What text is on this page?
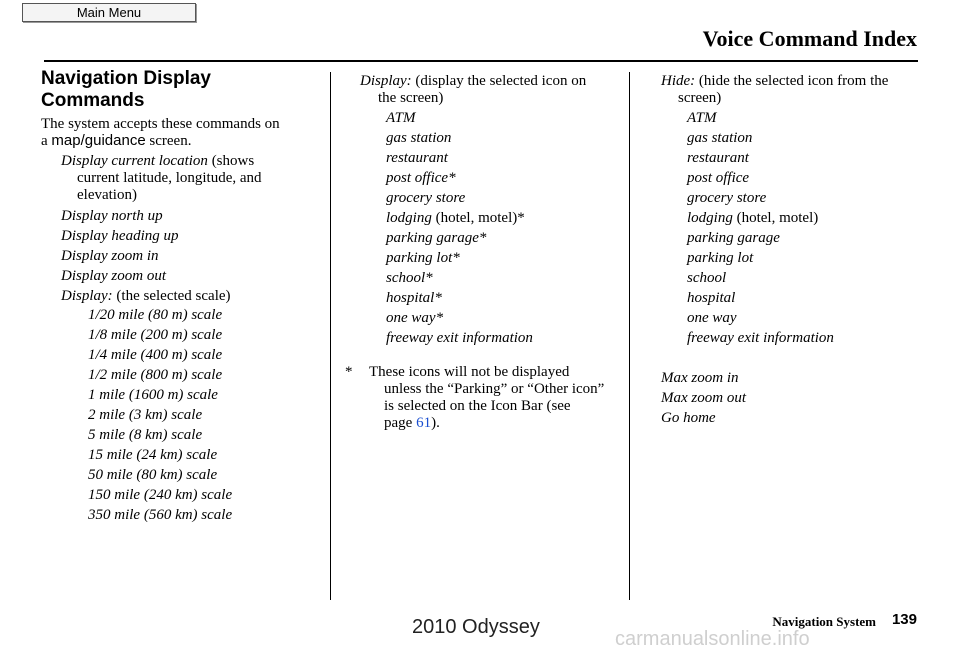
Main Menu
Voice Command Index
Navigation Display Commands
The system accepts these commands on
a map/guidance screen.
Display current location (shows
current latitude, longitude, and
elevation)
Display north up
Display heading up
Display zoom in
Display zoom out
Display: (the selected scale)
1/20 mile (80 m) scale
1/8 mile (200 m) scale
1/4 mile (400 m) scale
1/2 mile (800 m) scale
1 mile (1600 m) scale
2 mile (3 km) scale
5 mile (8 km) scale
15 mile (24 km) scale
50 mile (80 km) scale
150 mile (240 km) scale
350 mile (560 km) scale
Display: (display the selected icon on
the screen)
ATM
gas station
restaurant
post office*
grocery store
lodging (hotel, motel)*
parking garage*
parking lot*
school*
hospital*
one way*
freeway exit information
* These icons will not be displayed
unless the “Parking” or “Other icon”
is selected on the Icon Bar (see
page 61).
Hide: (hide the selected icon from the
screen)
ATM
gas station
restaurant
post office
grocery store
lodging (hotel, motel)
parking garage
parking lot
school
hospital
one way
freeway exit information
Max zoom in
Max zoom out
Go home
Navigation System 139
2010 Odyssey
carmanualsonline.info
